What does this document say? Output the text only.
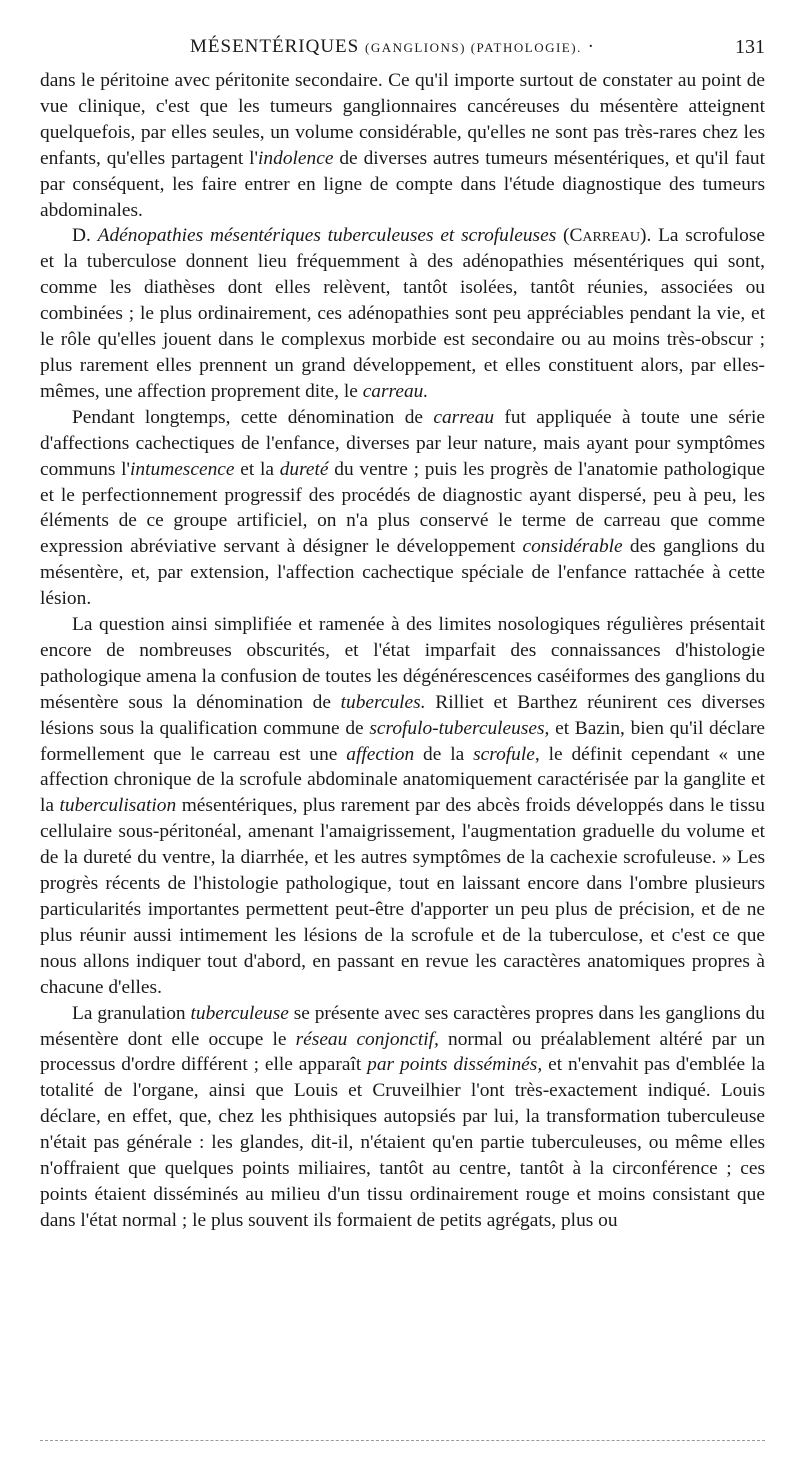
MÉSENTÉRIQUES (GANGLIONS) (PATHOLOGIE). ·	131

dans le péritoine avec péritonite secondaire. Ce qu'il importe surtout de constater au point de vue clinique, c'est que les tumeurs ganglionnaires cancéreuses du mésentère atteignent quelquefois, par elles seules, un volume considérable, qu'elles ne sont pas très-rares chez les enfants, qu'elles partagent l'indolence de diverses autres tumeurs mésentériques, et qu'il faut par conséquent, les faire entrer en ligne de compte dans l'étude diagnostique des tumeurs abdominales.

D. Adénopathies mésentériques tuberculeuses et scrofuleuses (Carreau). La scrofulose et la tuberculose donnent lieu fréquemment à des adénopathies mésentériques qui sont, comme les diathèses dont elles relèvent, tantôt isolées, tantôt réunies, associées ou combinées ; le plus ordinairement, ces adénopathies sont peu appréciables pendant la vie, et le rôle qu'elles jouent dans le complexus morbide est secondaire ou au moins très-obscur ; plus rarement elles prennent un grand développement, et elles constituent alors, par elles-mêmes, une affection proprement dite, le carreau.

Pendant longtemps, cette dénomination de carreau fut appliquée à toute une série d'affections cachectiques de l'enfance, diverses par leur nature, mais ayant pour symptômes communs l'intumescence et la dureté du ventre ; puis les progrès de l'anatomie pathologique et le perfectionnement progressif des procédés de diagnostic ayant dispersé, peu à peu, les éléments de ce groupe artificiel, on n'a plus conservé le terme de carreau que comme expression abréviative servant à désigner le développement considérable des ganglions du mésentère, et, par extension, l'affection cachectique spéciale de l'enfance rattachée à cette lésion.

La question ainsi simplifiée et ramenée à des limites nosologiques régulières présentait encore de nombreuses obscurités, et l'état imparfait des connaissances d'histologie pathologique amena la confusion de toutes les dégénérescences caséiformes des ganglions du mésentère sous la dénomination de tubercules. Rilliet et Barthez réunirent ces diverses lésions sous la qualification commune de scrofulo-tuberculeuses, et Bazin, bien qu'il déclare formellement que le carreau est une affection de la scrofule, le définit cependant « une affection chronique de la scrofule abdominale anatomiquement caractérisée par la ganglite et la tuberculisation mésentériques, plus rarement par des abcès froids développés dans le tissu cellulaire sous-péritonéal, amenant l'amaigrissement, l'augmentation graduelle du volume et de la dureté du ventre, la diarrhée, et les autres symptômes de la cachexie scrofuleuse. » Les progrès récents de l'histologie pathologique, tout en laissant encore dans l'ombre plusieurs particularités importantes permettent peut-être d'apporter un peu plus de précision, et de ne plus réunir aussi intimement les lésions de la scrofule et de la tuberculose, et c'est ce que nous allons indiquer tout d'abord, en passant en revue les caractères anatomiques propres à chacune d'elles.

La granulation tuberculeuse se présente avec ses caractères propres dans les ganglions du mésentère dont elle occupe le réseau conjonctif, normal ou préalablement altéré par un processus d'ordre différent ; elle apparaît par points disséminés, et n'envahit pas d'emblée la totalité de l'organe, ainsi que Louis et Cruveilhier l'ont très-exactement indiqué. Louis déclare, en effet, que, chez les phthisiques autopsiés par lui, la transformation tuberculeuse n'était pas générale : les glandes, dit-il, n'étaient qu'en partie tuberculeuses, ou même elles n'offraient que quelques points miliaires, tantôt au centre, tantôt à la circonférence ; ces points étaient disséminés au milieu d'un tissu ordinairement rouge et moins consistant que dans l'état normal ; le plus souvent ils formaient de petits agrégats, plus ou
